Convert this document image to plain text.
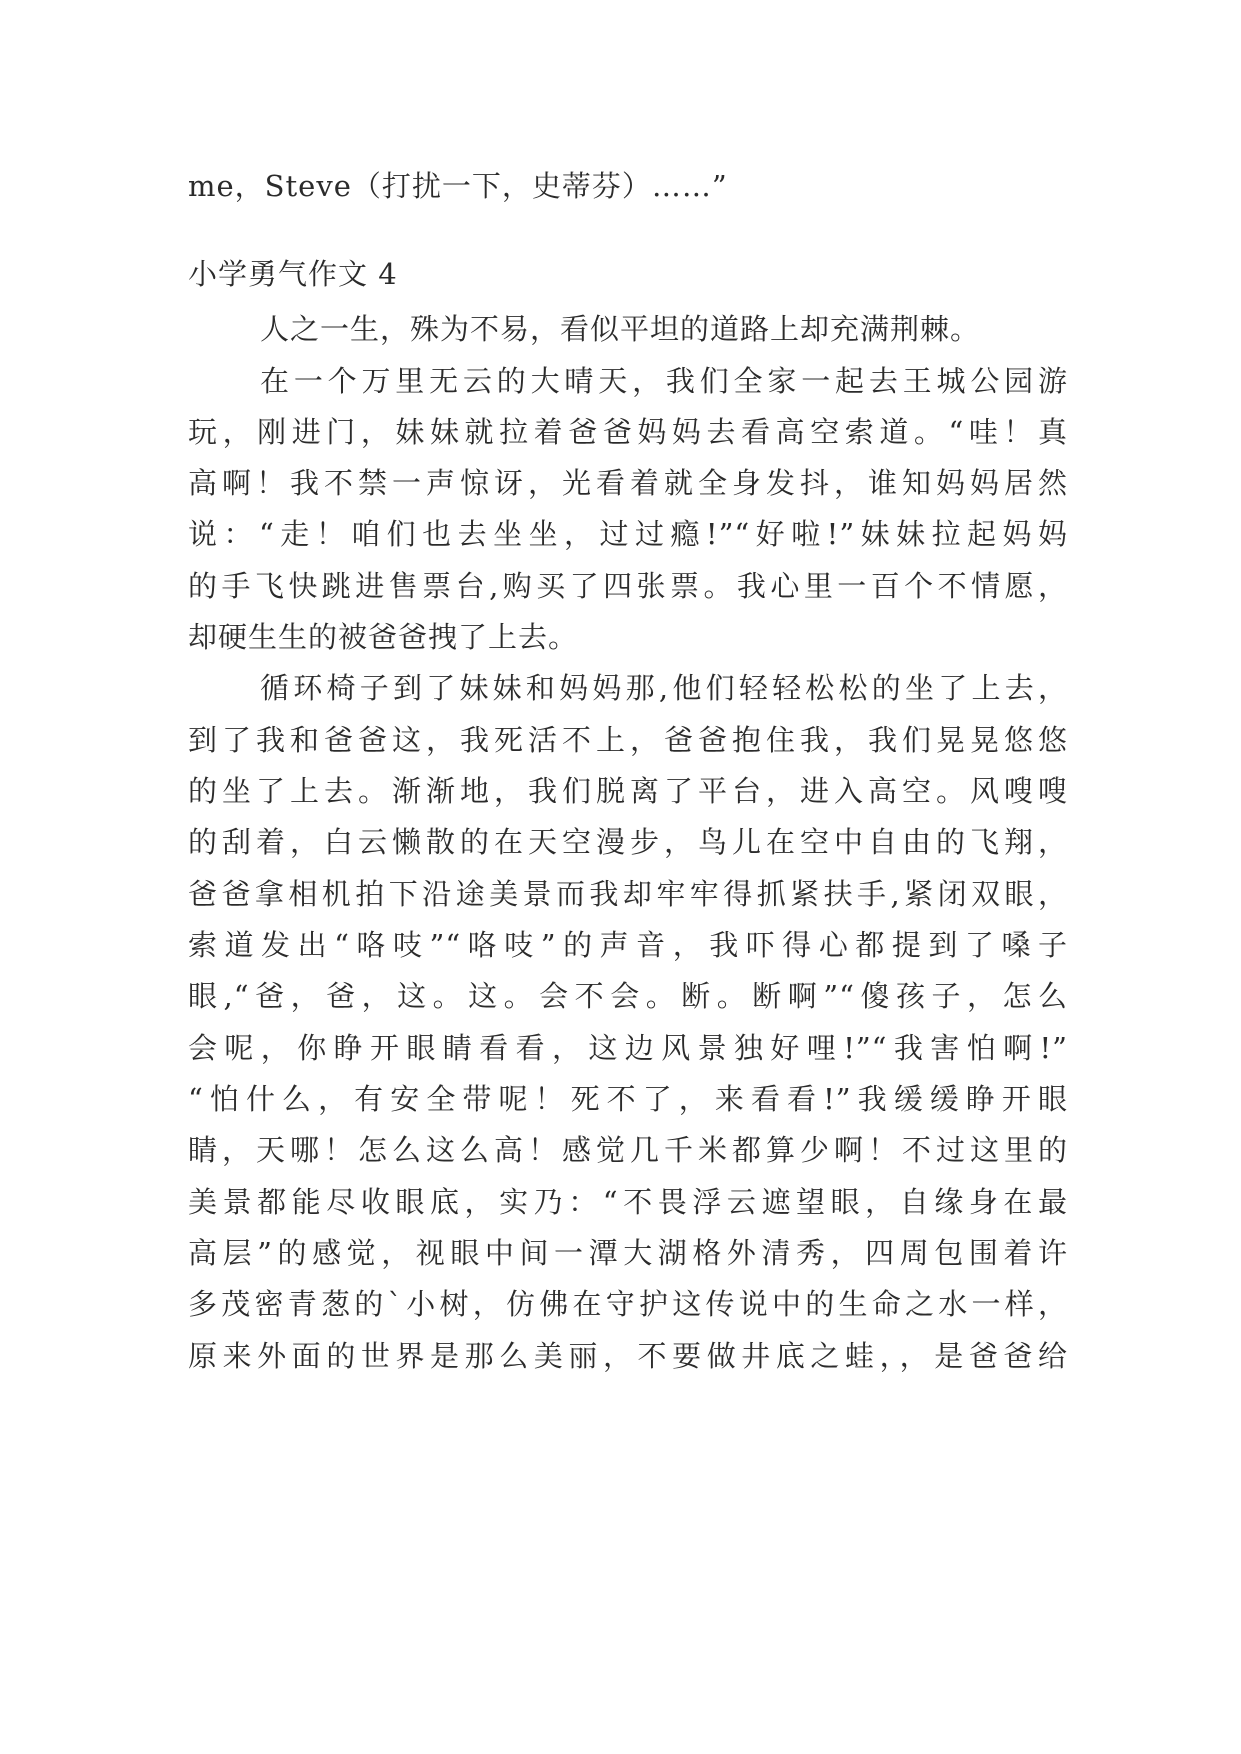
me，Steve（打扰一下，史蒂芬）……”
小学勇气作文 4
人之一生，殊为不易，看似平坦的道路上却充满荆棘。
在一个万里无云的大晴天，我们全家一起去王城公园游
玩，刚进门，妹妹就拉着爸爸妈妈去看高空索道。“哇！真
高啊！我不禁一声惊讶，光看着就全身发抖，谁知妈妈居然
说：“走！咱们也去坐坐，过过瘾!”“好啦!”妹妹拉起妈妈
的手飞快跳进售票台,购买了四张票。我心里一百个不情愿，
却硬生生的被爸爸拽了上去。
循环椅子到了妹妹和妈妈那,他们轻轻松松的坐了上去，
到了我和爸爸这，我死活不上，爸爸抱住我，我们晃晃悠悠
的坐了上去。渐渐地，我们脱离了平台，进入高空。风嗖嗖
的刮着，白云懒散的在天空漫步，鸟儿在空中自由的飞翔，
爸爸拿相机拍下沿途美景而我却牢牢得抓紧扶手,紧闭双眼，
索道发出“咯吱”“咯吱”的声音，我吓得心都提到了嗓子
眼,“爸，爸，这。这。会不会。断。断啊”“傻孩子，怎么
会呢，你睁开眼睛看看，这边风景独好哩!”“我害怕啊!”
“怕什么，有安全带呢！死不了，来看看!”我缓缓睁开眼
睛，天哪！怎么这么高！感觉几千米都算少啊！不过这里的
美景都能尽收眼底，实乃：“不畏浮云遮望眼，自缘身在最
高层”的感觉，视眼中间一潭大湖格外清秀，四周包围着许
多茂密青葱的`小树，仿佛在守护这传说中的生命之水一样，
原来外面的世界是那么美丽，不要做井底之蛙，，是爸爸给
